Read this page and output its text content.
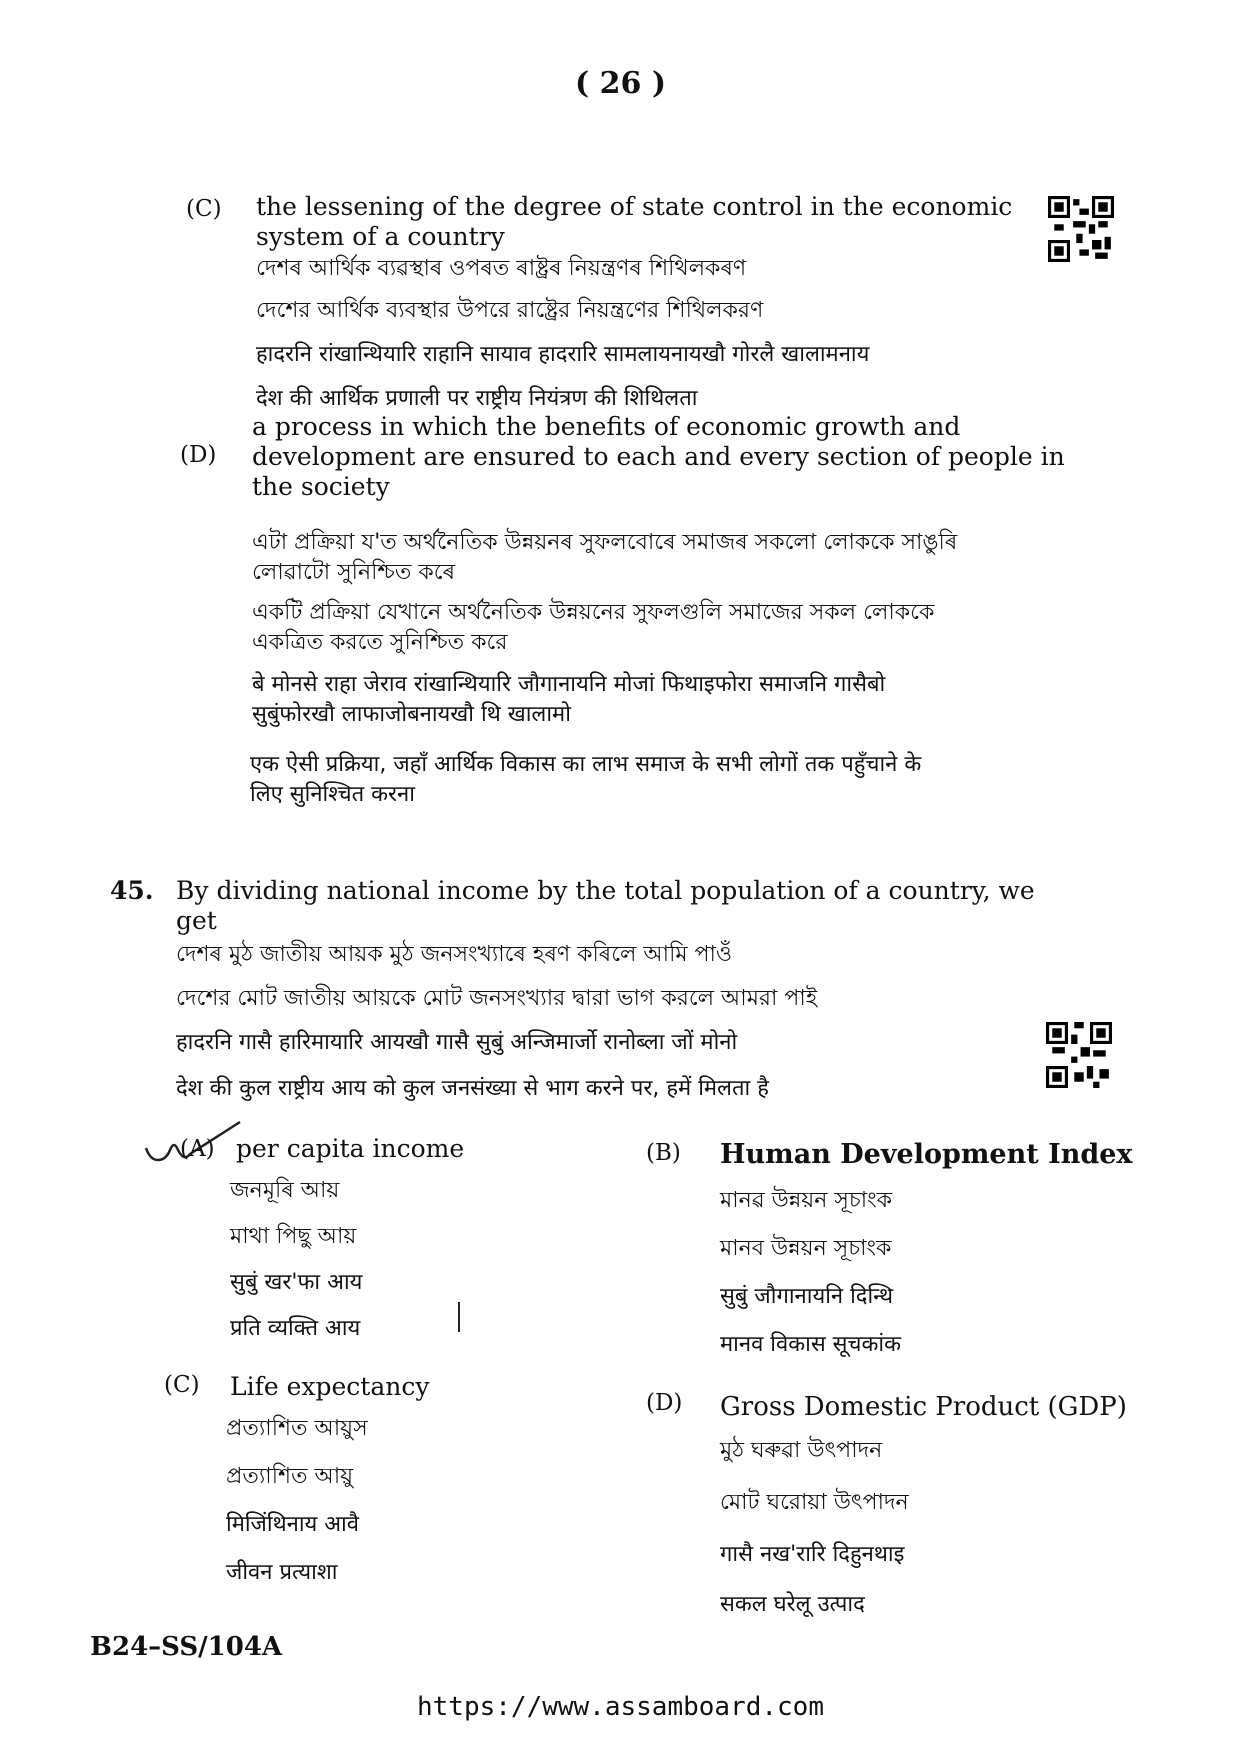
( 26 )
(C) the lessening of the degree of state control in the economic
system of a country
দেশৰ আৰ্থিক ব্যৱস্থাৰ ওপৰত ৰাষ্ট্ৰৰ নিয়ন্ত্ৰণৰ শিথিলকৰণ
দেশের আর্থিক ব্যবস্থার উপরে রাষ্ট্রের নিয়ন্ত্রণের শিথিলকরণ
हादरनि रांखान्थियारि राहानि सायाव हादरारि सामलायनायखौ गोरलै खालामनाय
देश की आर्थिक प्रणाली पर राष्ट्रीय नियंत्रण की शिथिलता
(D)
a process in which the benefits of economic growth and
development are ensured to each and every section of people in
the society
এটা প্ৰক্ৰিয়া য'ত অৰ্থনৈতিক উন্নয়নৰ সুফলবোৰে সমাজৰ সকলো লোককে সাঙুৰি
লোৱাটো সুনিশ্চিত কৰে
একটি প্রক্রিয়া যেখানে অর্থনৈতিক উন্নয়নের সুফলগুলি সমাজের সকল লোককে
একত্রিত করতে সুনিশ্চিত করে
बे मोनसे राहा जेराव रांखान्थियारि जौगानायनि मोजां फिथाइफोरा समाजनि गासैबो
सुबुंफोरखौ लाफाजोबनायखौ थि खालामो
एक ऐसी प्रक्रिया, जहाँ आर्थिक विकास का लाभ समाज के सभी लोगों तक पहुँचाने के
लिए सुनिश्चित करना
45. By dividing national income by the total population of a country, we
get
দেশৰ মুঠ জাতীয় আয়ক মুঠ জনসংখ্যাৰে হৰণ কৰিলে আমি পাওঁ
দেশের মোট জাতীয় আয়কে মোট জনসংখ্যার দ্বারা ভাগ করলে আমরা পাই
हादरनि गासै हारिमायारि आयखौ गासै सुबुं अन्जिमार्जो रानोब्ला जों मोनो
देश की कुल राष्ट्रीय आय को कुल जनसंख्या से भाग करने पर, हमें मिलता है
(A) per capita income
জনমূৰি আয়
মাথা পিছু আয়
सुबुं खर'फा आय
प्रति व्यक्ति आय
(B) Human Development Index
মানৱ উন্নয়ন সূচাংক
মানব উন্নয়ন সূচাংক
सुबुं जौगानायनि दिन्थि
मानव विकास सूचकांक
(C) Life expectancy
প্ৰত্যাশিত আয়ুস
প্রত্যাশিত আয়ু
मिजिंथिनाय आवै
जीवन प्रत्याशा
(D) Gross Domestic Product (GDP)
মুঠ ঘৰুৱা উৎপাদন
মোট ঘরোয়া উৎপাদন
गासै नख'रारि दिहुनथाइ
सकल घरेलू उत्पाद
B24–SS/104A
https://www.assamboard.com
